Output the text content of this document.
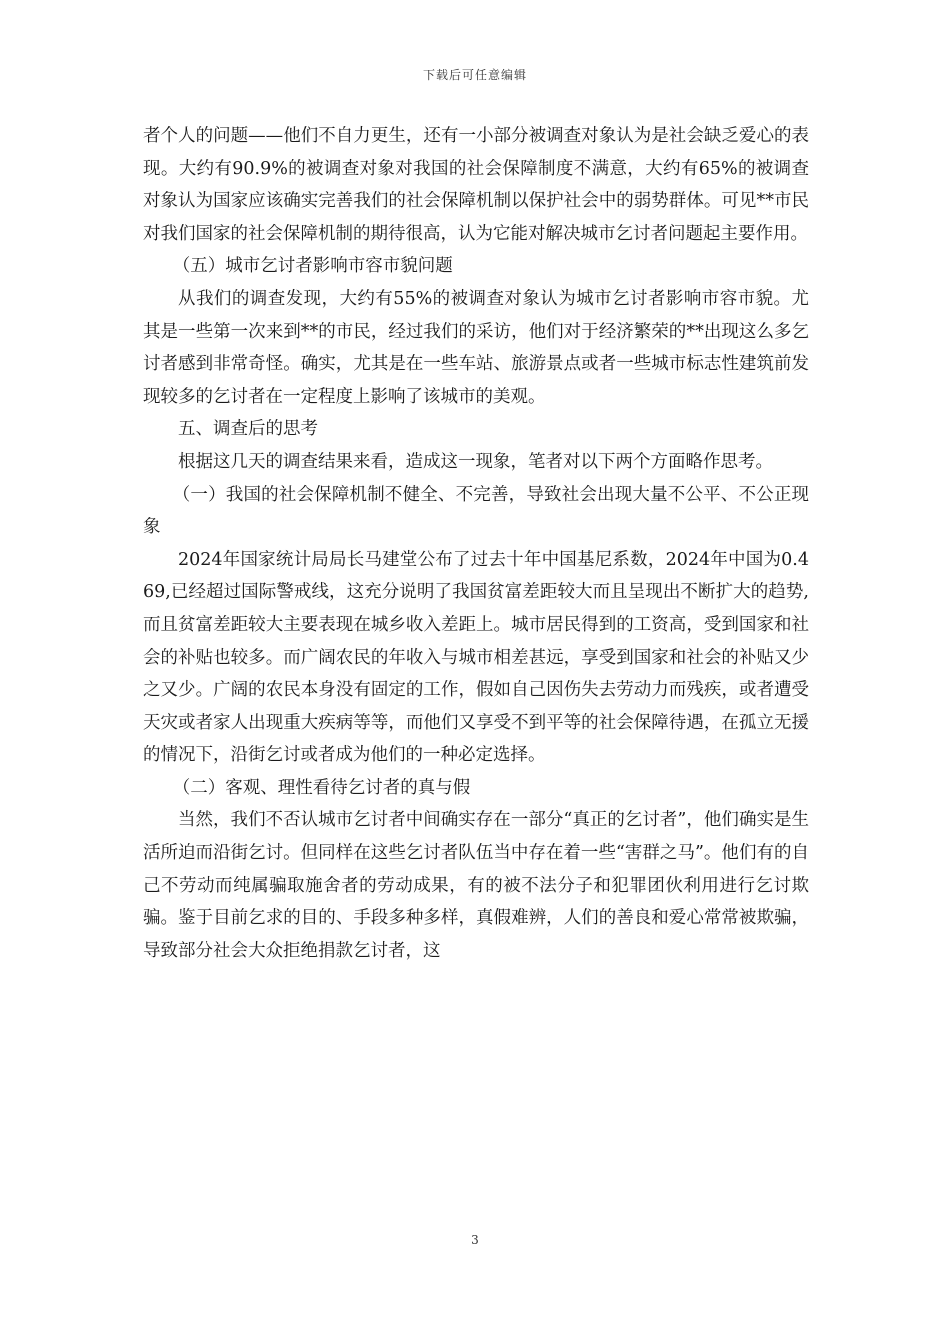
下载后可任意编辑

者个人的问题——他们不自力更生，还有一小部分被调查对象认为是社会缺乏爱心的表现。大约有90.9%的被调查对象对我国的社会保障制度不满意，大约有65%的被调查对象认为国家应该确实完善我们的社会保障机制以保护社会中的弱势群体。可见**市民对我们国家的社会保障机制的期待很高，认为它能对解决城市乞讨者问题起主要作用。

（五）城市乞讨者影响市容市貌问题

从我们的调查发现，大约有55%的被调查对象认为城市乞讨者影响市容市貌。尤其是一些第一次来到**的市民，经过我们的采访，他们对于经济繁荣的**出现这么多乞讨者感到非常奇怪。确实，尤其是在一些车站、旅游景点或者一些城市标志性建筑前发现较多的乞讨者在一定程度上影响了该城市的美观。

五、调查后的思考

根据这几天的调查结果来看，造成这一现象，笔者对以下两个方面略作思考。

（一）我国的社会保障机制不健全、不完善，导致社会出现大量不公平、不公正现象

2024年国家统计局局长马建堂公布了过去十年中国基尼系数，2024年中国为0.469,已经超过国际警戒线，这充分说明了我国贫富差距较大而且呈现出不断扩大的趋势,而且贫富差距较大主要表现在城乡收入差距上。城市居民得到的工资高，受到国家和社会的补贴也较多。而广阔农民的年收入与城市相差甚远，享受到国家和社会的补贴又少之又少。广阔的农民本身没有固定的工作，假如自己因伤失去劳动力而残疾，或者遭受天灾或者家人出现重大疾病等等，而他们又享受不到平等的社会保障待遇，在孤立无援的情况下，沿街乞讨或者成为他们的一种必定选择。

（二）客观、理性看待乞讨者的真与假

当然，我们不否认城市乞讨者中间确实存在一部分“真正的乞讨者”，他们确实是生活所迫而沿街乞讨。但同样在这些乞讨者队伍当中存在着一些“害群之马”。他们有的自己不劳动而纯属骗取施舍者的劳动成果，有的被不法分子和犯罪团伙利用进行乞讨欺骗。鉴于目前乞求的目的、手段多种多样，真假难辨，人们的善良和爱心常常被欺骗，导致部分社会大众拒绝捐款乞讨者，这

3
